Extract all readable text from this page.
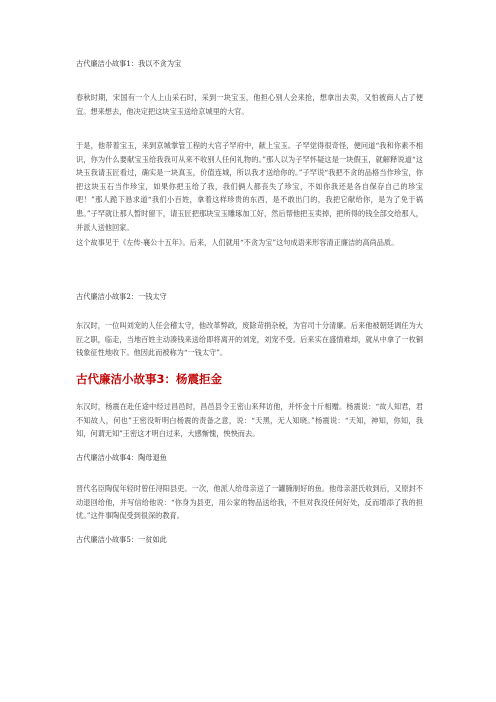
古代廉洁小故事1：我以不贪为宝

春秋时期，宋国有一个人上山采石时，采到一块宝玉，他担心别人会来抢，想拿出去卖，又怕被商人占了便宜。想来想去，他决定把这块宝玉送给京城里的大官。

于是，他带着宝玉，来到京城掌管工程的大官子罕府中，献上宝玉。子罕觉得很奇怪，便问道“我和你素不相识，你为什么要献宝玉给我我可从来不收别人任何礼物的。”那人以为子罕怀疑这是一块假玉，就解释说道“这块玉我请玉匠看过，确实是一块真玉，价值连城，所以我才送给你的。”子罕说“我把不贪的品格当作珍宝，你把这块玉石当作珍宝，如果你把玉给了我，我们俩人都丧失了珍宝，不如你我还是各自保存自己的珍宝吧！”那人跪下恳求道“我们小百姓，拿着这样珍贵的东西，是不敢出门的，我把它献给你，是为了免于祸患。”子罕就让那人暂时留下，请玉匠把那块宝玉雕琢加工好，然后帮他把玉卖掉，把所得的钱全部交给那人，并派人送他回家。

这个故事见于《左传·襄公十五年》。后来，人们就用“不贪为宝”这句成语来形容清正廉洁的高尚品质。

古代廉洁小故事2：一钱太守

东汉时，一位叫刘宠的人任会稽太守，他改革弊政，废除苛捐杂税，为官司十分清廉。后来他被朝廷调任为大匠之职，临走，当地百姓主动凑钱来送给即将离开的刘宠，刘宠不受。后来实在盛情难却，就从中拿了一枚铜钱象征性地收下。他因此而被称为“一钱太守”。

古代廉洁小故事3：杨震拒金

东汉时，杨震在赴任途中经过昌邑时，昌邑县令王密山来拜访他，并怀金十斤相赠。杨震说：“故人知君，君不知故人，何也”王密没听明白杨震的责备之意，说：“天黑，无人知晓。”杨震说：“天知，神知，你知，我知，何谓无知”王密这才明白过来，大感惭愧，怏怏而去。

古代廉洁小故事4：陶母退鱼

晋代名臣陶侃年轻时曾任浔阳县吏。一次，他派人给母亲送了一罐腌制好的鱼。他母亲湛氏收到后，又原封不动退回给他，并写信给他说：“你身为县吏，用公家的物品送给我，不但对我没任何好处，反而增添了我的担忧。”这件事陶侃受到很深的教育。

古代廉洁小故事5：一贫如此
